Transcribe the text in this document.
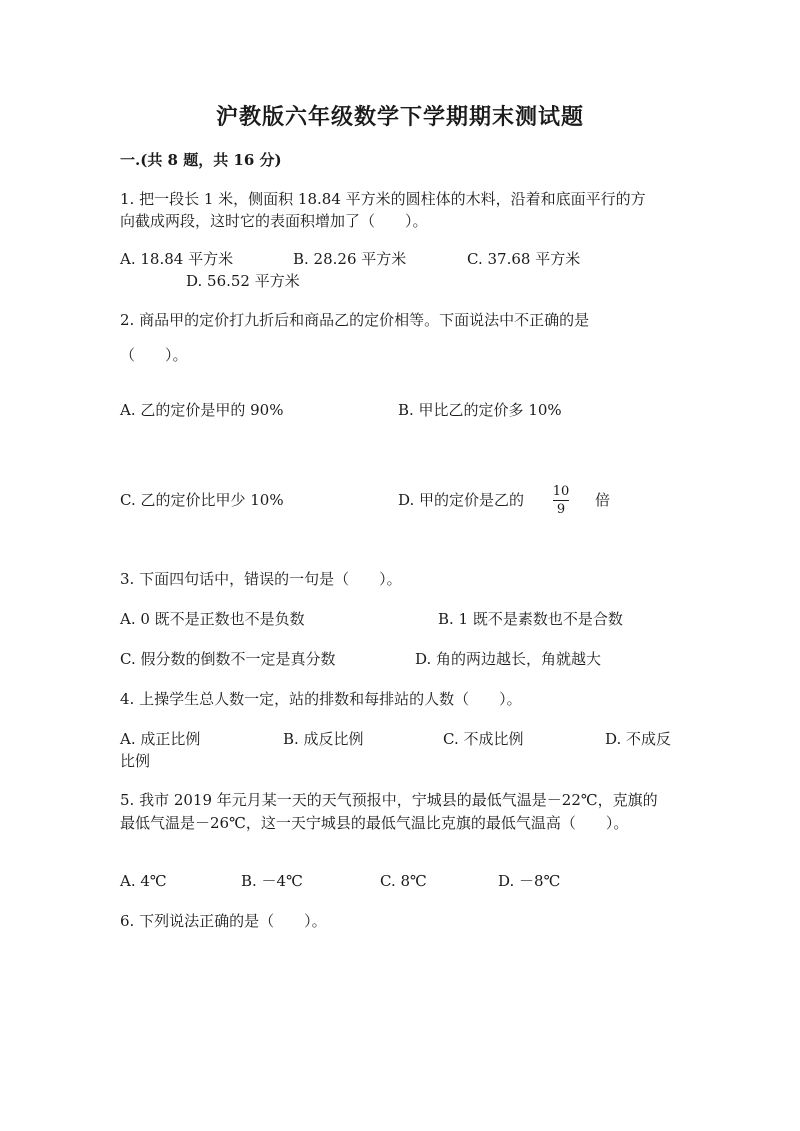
沪教版六年级数学下学期期末测试题
一.(共 8 题，共 16 分)
1. 把一段长 1 米，侧面积 18.84 平方米的圆柱体的木料，沿着和底面平行的方
向截成两段，这时它的表面积增加了（　　）。
A. 18.84 平方米	B. 28.26 平方米	C. 37.68 平方米
D. 56.52 平方米
2. 商品甲的定价打九折后和商品乙的定价相等。下面说法中不正确的是
（　　）。
A. 乙的定价是甲的 90%	B. 甲比乙的定价多 10%
C. 乙的定价比甲少 10%	D. 甲的定价是乙的 10
9
倍
3. 下面四句话中，错误的一句是（　　）。
A. 0 既不是正数也不是负数	B. 1 既不是素数也不是合数
C. 假分数的倒数不一定是真分数	D. 角的两边越长，角就越大
4. 上操学生总人数一定，站的排数和每排站的人数（　　）。
A. 成正比例	B. 成反比例	C. 不成比例	D. 不成反
比例
5. 我市 2019 年元月某一天的天气预报中，宁城县的最低气温是－22℃，克旗的
最低气温是－26℃，这一天宁城县的最低气温比克旗的最低气温高（　　）。
A. 4℃	B. －4℃	C. 8℃	D. －8℃
6. 下列说法正确的是（　　）。
